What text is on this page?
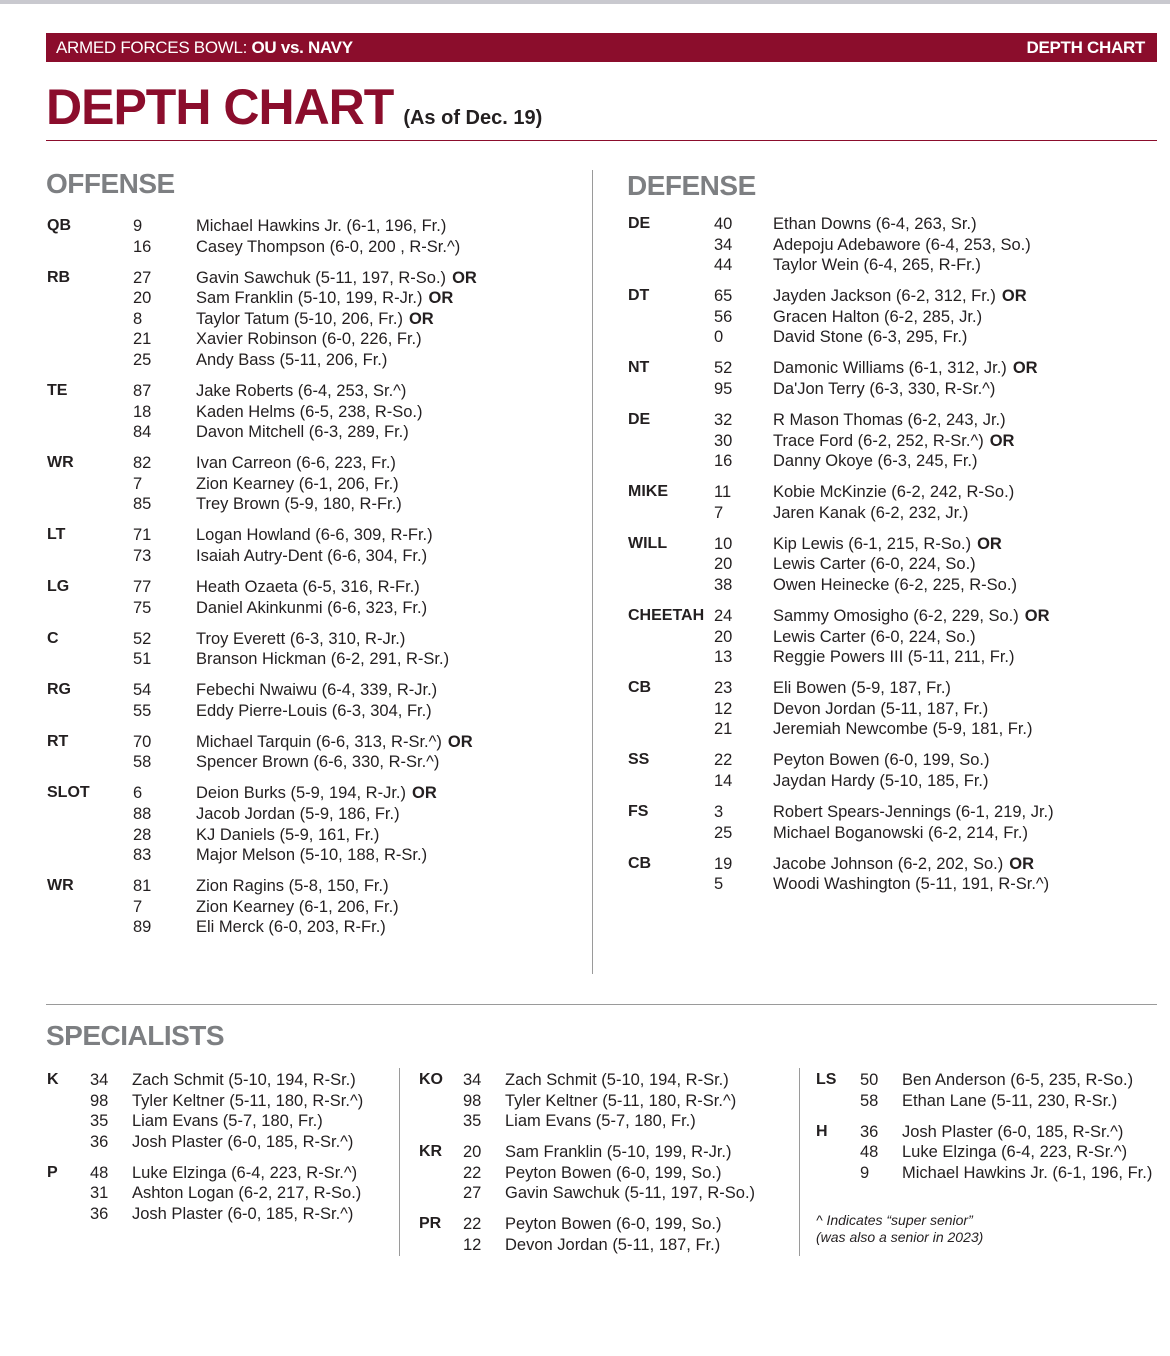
ARMED FORCES BOWL: OU vs. NAVY	DEPTH CHART
DEPTH CHART (As of Dec. 19)
OFFENSE	DEFENSE
SPECIALISTS
QB	9	Michael Hawkins Jr. (6-1, 196, Fr.)
16	Casey Thompson (6-0, 200 , R-Sr.^)
RB	27	Gavin Sawchuk (5-11, 197, R-So.) OR
20	Sam Franklin (5-10, 199, R-Jr.) OR
8	Taylor Tatum (5-10, 206, Fr.) OR
21	Xavier Robinson (6-0, 226, Fr.)
25	Andy Bass (5-11, 206, Fr.)
TE	87	Jake Roberts (6-4, 253, Sr.^)
18	Kaden Helms (6-5, 238, R-So.)
84	Davon Mitchell (6-3, 289, Fr.)
WR	82	Ivan Carreon (6-6, 223, Fr.)
7	Zion Kearney (6-1, 206, Fr.)
85	Trey Brown (5-9, 180, R-Fr.)
LT	71	Logan Howland (6-6, 309, R-Fr.)
73	Isaiah Autry-Dent (6-6, 304, Fr.)
LG	77	Heath Ozaeta (6-5, 316, R-Fr.)
75	Daniel Akinkunmi (6-6, 323, Fr.)
C	52	Troy Everett (6-3, 310, R-Jr.)
51	Branson Hickman (6-2, 291, R-Sr.)
RG	54	Febechi Nwaiwu (6-4, 339, R-Jr.)
55	Eddy Pierre-Louis (6-3, 304, Fr.)
RT	70	Michael Tarquin (6-6, 313, R-Sr.^) OR
58	Spencer Brown (6-6, 330, R-Sr.^)
SLOT	6	Deion Burks (5-9, 194, R-Jr.) OR
88	Jacob Jordan (5-9, 186, Fr.)
28	KJ Daniels (5-9, 161, Fr.)
83	Major Melson (5-10, 188, R-Sr.)
WR	81	Zion Ragins (5-8, 150, Fr.)
7	Zion Kearney (6-1, 206, Fr.)
89	Eli Merck (6-0, 203, R-Fr.)
DE	40 Ethan Downs (6-4, 263, Sr.)
34 Adepoju Adebawore (6-4, 253, So.)
44 Taylor Wein (6-4, 265, R-Fr.)
DT	65 Jayden Jackson (6-2, 312, Fr.) OR
56 Gracen Halton (6-2, 285, Jr.)
0	David Stone (6-3, 295, Fr.)
NT	52 Damonic Williams (6-1, 312, Jr.) OR
95 Da'Jon Terry (6-3, 330, R-Sr.^)
DE	32 R Mason Thomas (6-2, 243, Jr.)
30 Trace Ford (6-2, 252, R-Sr.^) OR
16 Danny Okoye (6-3, 245, Fr.)
MIKE	11	Kobie McKinzie (6-2, 242, R-So.)
7	Jaren Kanak (6-2, 232, Jr.)
WILL	10 Kip Lewis (6-1, 215, R-So.) OR
20 Lewis Carter (6-0, 224, So.)
38 Owen Heinecke (6-2, 225, R-So.)
CHEETAH 24 Sammy Omosigho (6-2, 229, So.) OR
20 Lewis Carter (6-0, 224, So.)
13 Reggie Powers III (5-11, 211, Fr.)
CB	23 Eli Bowen (5-9, 187, Fr.)
12 Devon Jordan (5-11, 187, Fr.)
21 Jeremiah Newcombe (5-9, 181, Fr.)
SS	22 Peyton Bowen (6-0, 199, So.)
14 Jaydan Hardy (5-10, 185, Fr.)
FS	3	Robert Spears-Jennings (6-1, 219, Jr.)
25 Michael Boganowski (6-2, 214, Fr.)
CB	19 Jacobe Johnson (6-2, 202, So.) OR
5	Woodi Washington (5-11, 191, R-Sr.^)
K 34 Zach Schmit (5-10, 194, R-Sr.)
98 Tyler Keltner (5-11, 180, R-Sr.^)
35 Liam Evans (5-7, 180, Fr.)
36 Josh Plaster (6-0, 185, R-Sr.^)
P 48 Luke Elzinga (6-4, 223, R-Sr.^)
31 Ashton Logan (6-2, 217, R-So.)
36 Josh Plaster (6-0, 185, R-Sr.^)
KO 34 Zach Schmit (5-10, 194, R-Sr.)
98 Tyler Keltner (5-11, 180, R-Sr.^)
35 Liam Evans (5-7, 180, Fr.)
KR 20 Sam Franklin (5-10, 199, R-Jr.)
22 Peyton Bowen (6-0, 199, So.)
27 Gavin Sawchuk (5-11, 197, R-So.)
PR 22 Peyton Bowen (6-0, 199, So.)
12 Devon Jordan (5-11, 187, Fr.)
LS 50 Ben Anderson (6-5, 235, R-So.)
58 Ethan Lane (5-11, 230, R-Sr.)
H 36 Josh Plaster (6-0, 185, R-Sr.^)
48 Luke Elzinga (6-4, 223, R-Sr.^)
9 Michael Hawkins Jr. (6-1, 196, Fr.)
^ Indicates “super senior”
(was also a senior in 2023)
